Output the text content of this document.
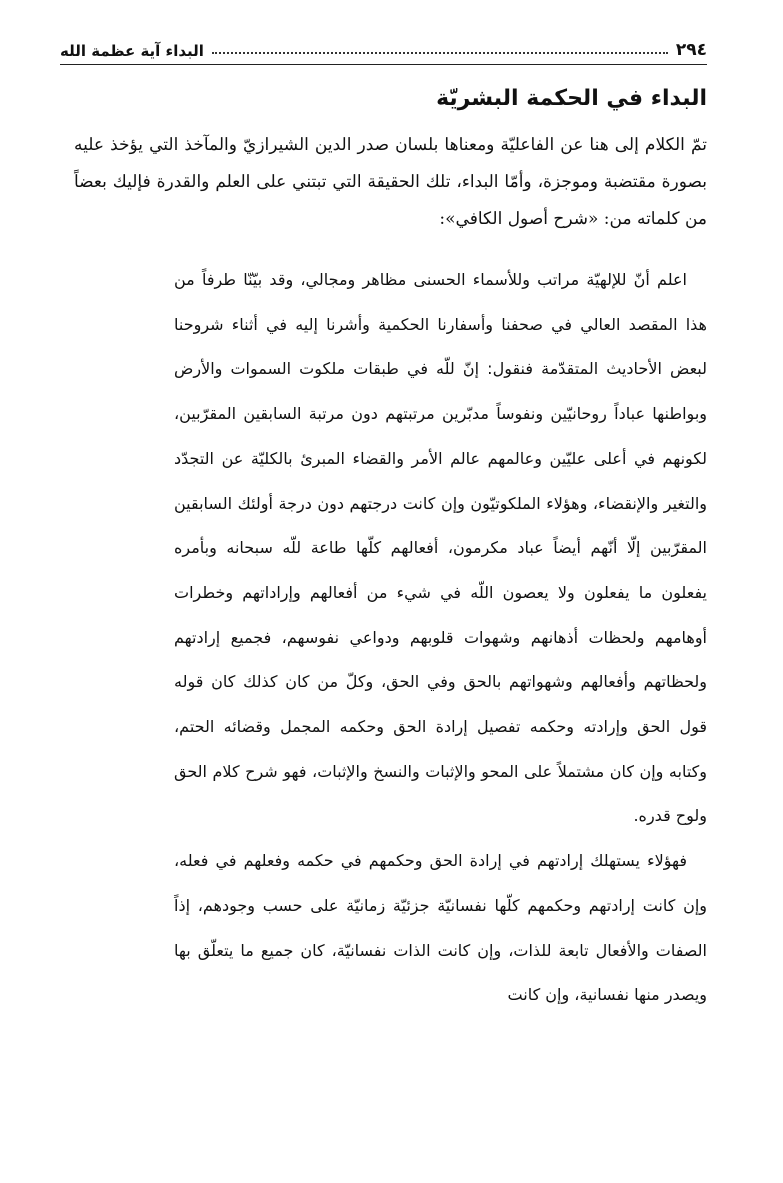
٢٩٤
البداء آية عظمة الله
البداء في الحكمة البشريّة

تمّ الكلام إلى هنا عن الفاعليّة ومعناها بلسان صدر الدين الشيرازيّ والمآخذ التي يؤخذ عليه بصورة مقتضبة وموجزة، وأمّا البداء، تلك الحقيقة التي تبتني على العلم والقدرة فإليك بعضاً من كلماته من: «شرح أصول الكافي»:

اعلم أنّ للإلهيّة مراتب وللأسماء الحسنى مظاهر ومجالي، وقد بيّنّا طرفاً من هذا المقصد العالي في صحفنا وأسفارنا الحكمية وأشرنا إليه في أثناء شروحنا لبعض الأحاديث المتقدّمة فنقول: إنّ للّه في طبقات ملكوت السموات والأرض وبواطنها عباداً روحانيّين ونفوساً مدبّرين مرتبتهم دون مرتبة السابقين المقرّبين، لكونهم في أعلى عليّين وعالمهم عالم الأمر والقضاء المبرئ بالكليّة عن التجدّد والتغير والإنقضاء، وهؤلاء الملكوتيّون وإن كانت درجتهم دون درجة أولئك السابقين المقرّبين إلّا أنّهم أيضاً عباد مكرمون، أفعالهم كلّها طاعة للّه سبحانه وبأمره يفعلون ما يفعلون ولا يعصون اللّه في شيء من أفعالهم وإراداتهم وخطرات أوهامهم ولحظات أذهانهم وشهوات قلوبهم ودواعي نفوسهم، فجميع إرادتهم ولحظاتهم وأفعالهم وشهواتهم بالحق وفي الحق، وكلّ من كان كذلك كان قوله قول الحق وإرادته وحكمه تفصيل إرادة الحق وحكمه المجمل وقضائه الحتم، وكتابه وإن كان مشتملاً على المحو والإثبات والنسخ والإثبات، فهو شرح كلام الحق ولوح قدره.

فهؤلاء يستهلك إرادتهم في إرادة الحق وحكمهم في حكمه وفعلهم في فعله، وإن كانت إرادتهم وحكمهم كلّها نفسانيّة جزئيّة زمانيّة على حسب وجودهم، إذاً الصفات والأفعال تابعة للذات، وإن كانت الذات نفسانيّة، كان جميع ما يتعلّق بها ويصدر منها نفسانية، وإن كانت
